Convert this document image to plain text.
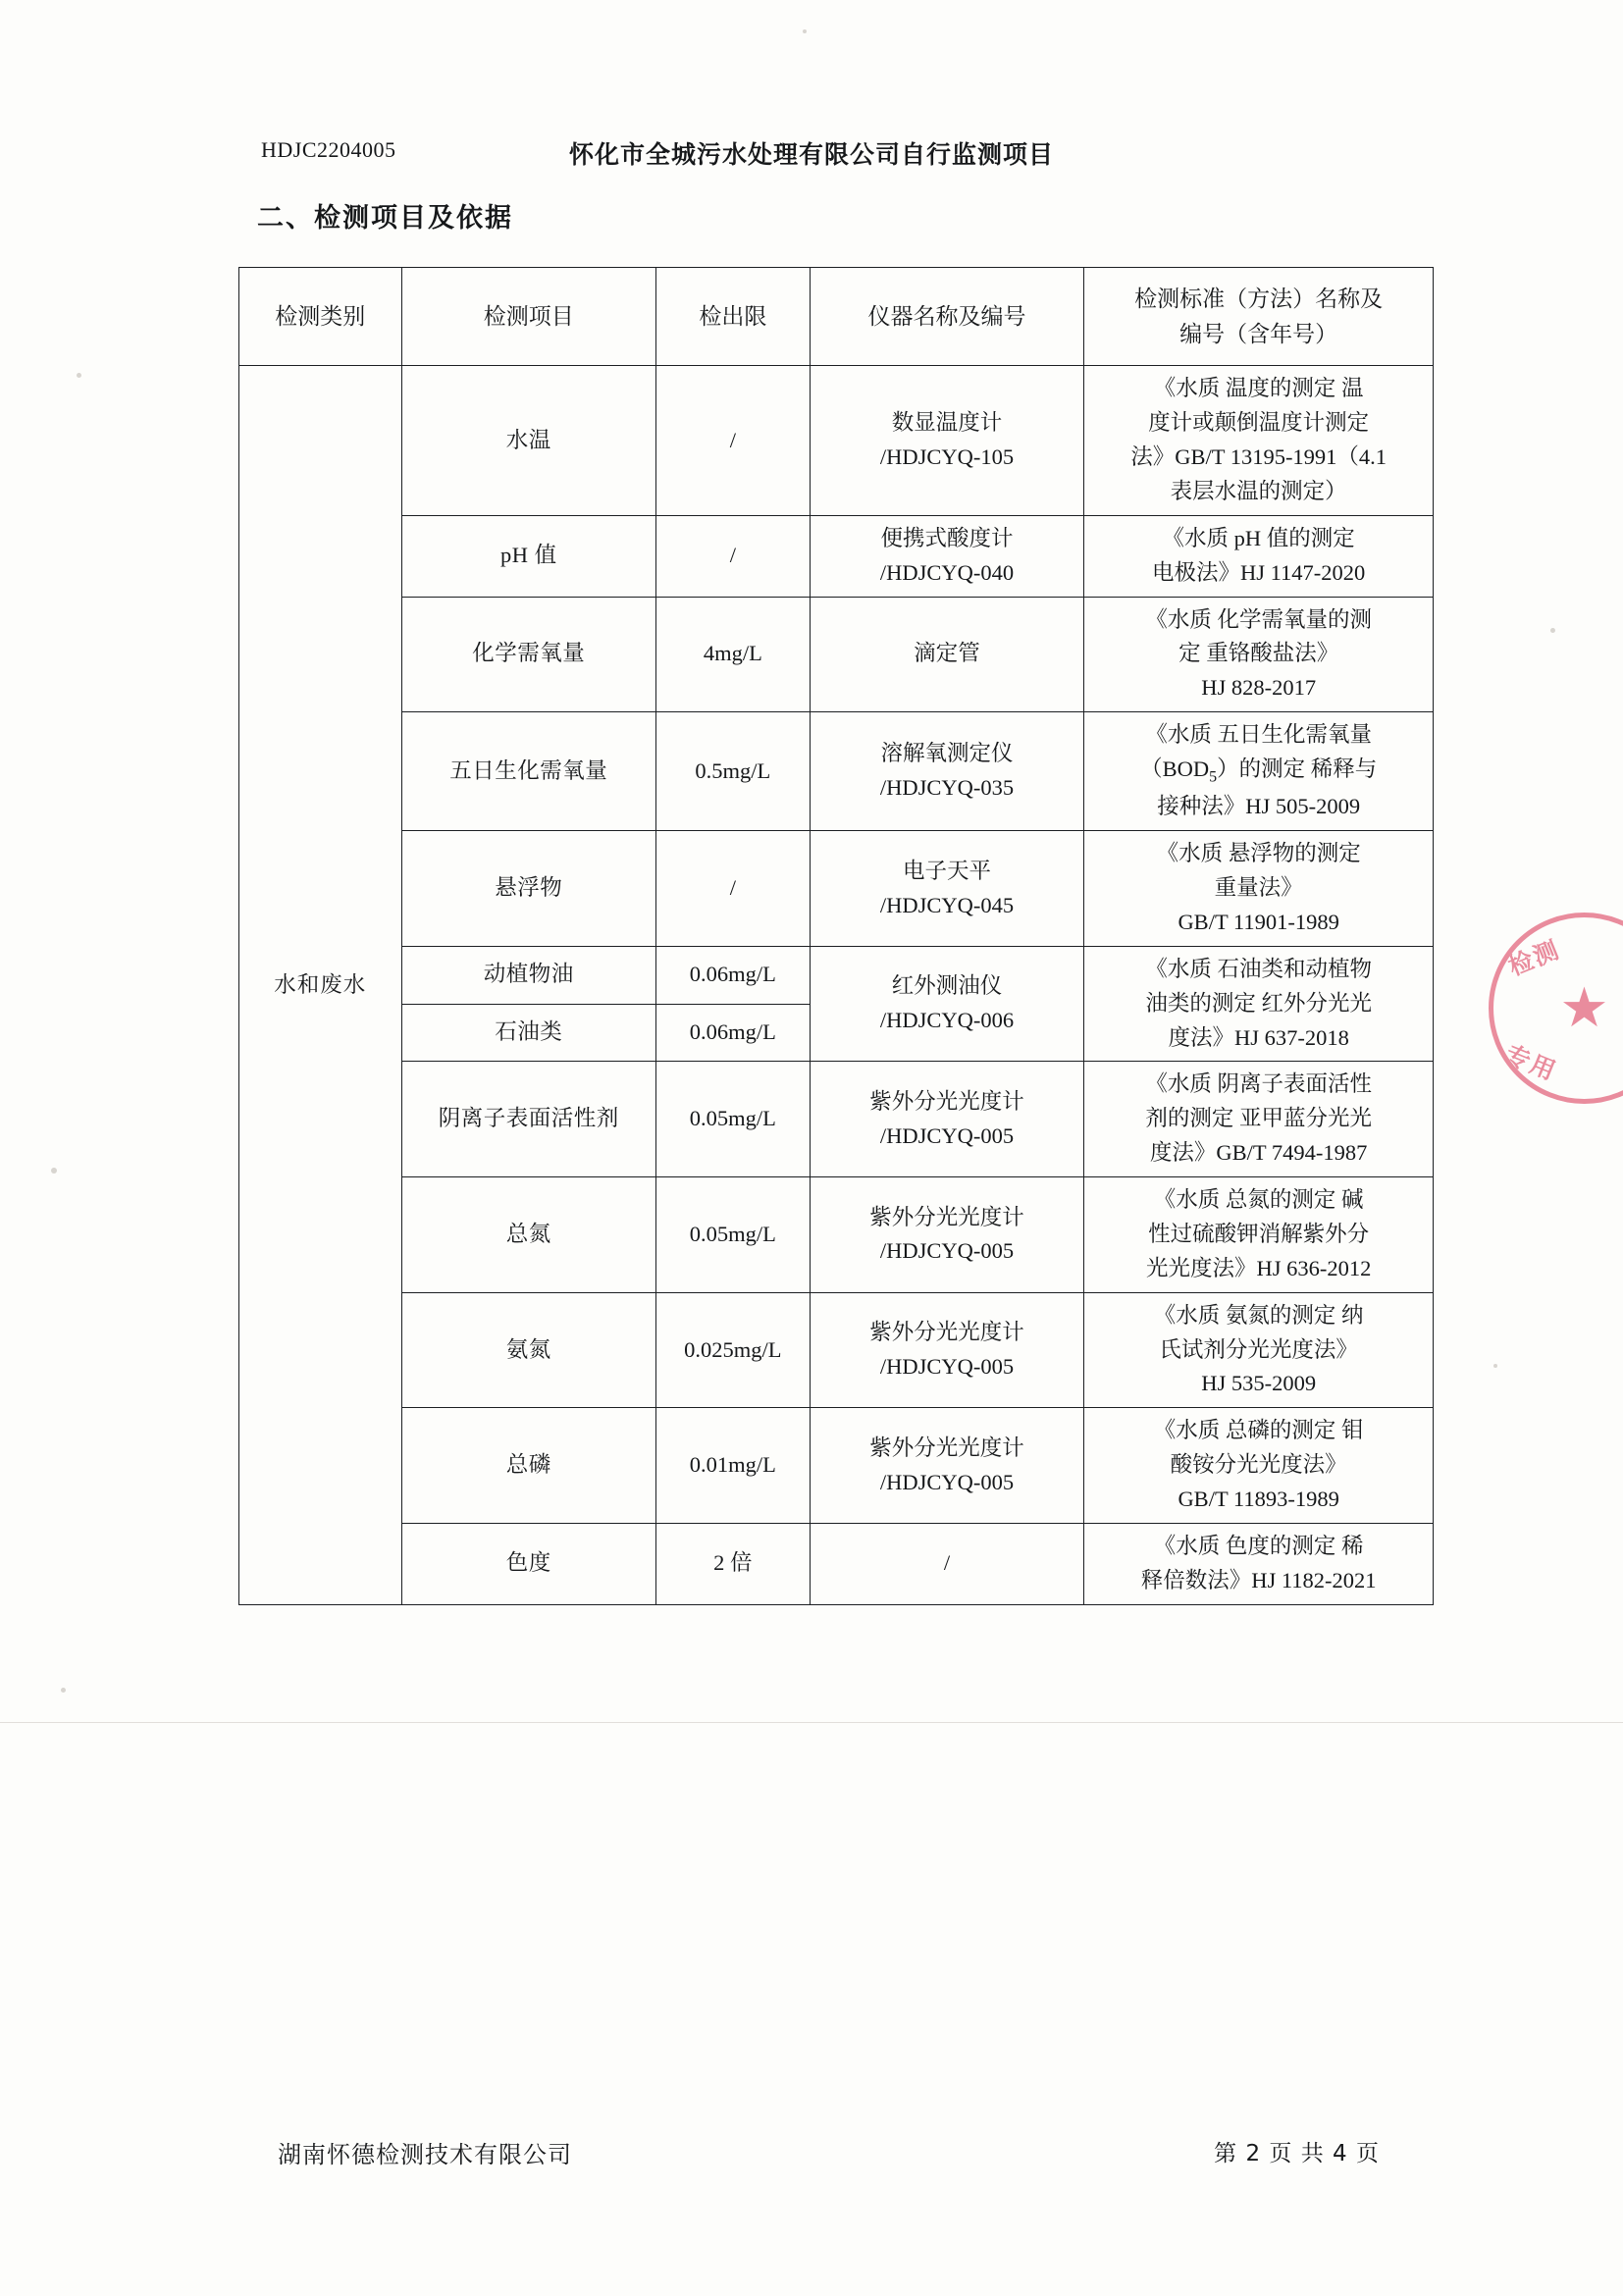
HDJC2204005	怀化市全城污水处理有限公司自行监测项目
二、检测项目及依据
检测类别	检测项目	检出限	仪器名称及编号	检测标准（方法）名称及
编号（含年号）

水和废水	水温	/	数显温度计
/HDJCYQ-105	《水质 温度的测定 温
度计或颠倒温度计测定
法》GB/T 13195-1991（4.1
表层水温的测定）

	pH 值	/	便携式酸度计
/HDJCYQ-040	《水质 pH 值的测定
电极法》HJ 1147-2020

	化学需氧量	4mg/L	滴定管	《水质 化学需氧量的测
定 重铬酸盐法》
HJ 828-2017

	五日生化需氧量	0.5mg/L	溶解氧测定仪
/HDJCYQ-035	《水质 五日生化需氧量
$(BOD_5)$的测定 稀释与
接种法》HJ 505-2009

	悬浮物	/	电子天平
/HDJCYQ-045	《水质 悬浮物的测定
重量法》
GB/T 11901-1989

	动植物油	0.06mg/L	红外测油仪
/HDJCYQ-006	《水质 石油类和动植物
油类的测定 红外分光光
度法》HJ 637-2018

	石油类	0.06mg/L		
	阴离子表面活性剂	0.05mg/L	紫外分光光度计
/HDJCYQ-005	《水质 阴离子表面活性
剂的测定 亚甲蓝分光光
度法》GB/T 7494-1987

	总氮	0.05mg/L	紫外分光光度计
/HDJCYQ-005	《水质 总氮的测定 碱
性过硫酸钾消解紫外分
光光度法》HJ 636-2012

	氨氮	0.025mg/L	紫外分光光度计
/HDJCYQ-005	《水质 氨氮的测定 纳
氏试剂分光光度法》
HJ 535-2009

	总磷	0.01mg/L	紫外分光光度计
/HDJCYQ-005	《水质 总磷的测定 钼
酸铵分光光度法》
GB/T 11893-1989

	色度	2 倍	/	《水质 色度的测定 稀
释倍数法》HJ 1182-2021
检测
★
专用
湖南怀德检测技术有限公司	第 2 页 共 4 页
